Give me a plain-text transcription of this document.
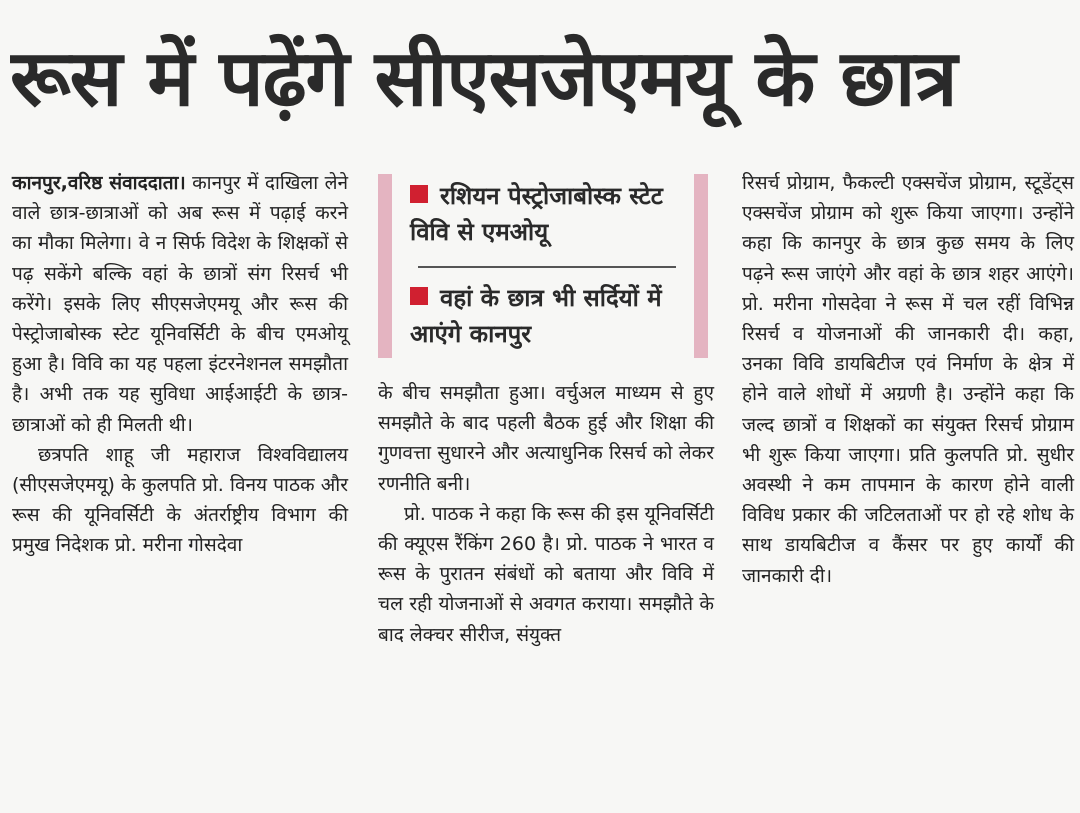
रूस में पढ़ेंगे सीएसजेएमयू के छात्र

कानपुर,वरिष्ठ संवाददाता। कानपुर में दाखिला लेने वाले छात्र-छात्राओं को अब रूस में पढ़ाई करने का मौका मिलेगा। वे न सिर्फ विदेश के शिक्षकों से पढ़ सकेंगे बल्कि वहां के छात्रों संग रिसर्च भी करेंगे। इसके लिए सीएसजेएमयू और रूस की पेस्ट्रोजाबोस्क स्टेट यूनिवर्सिटी के बीच एमओयू हुआ है। विवि का यह पहला इंटरनेशनल समझौता है। अभी तक यह सुविधा आईआईटी के छात्र-छात्राओं को ही मिलती थी।

छत्रपति शाहू जी महाराज विश्वविद्यालय (सीएसजेएमयू) के कुलपति प्रो. विनय पाठक और रूस की यूनिवर्सिटी के अंतर्राष्ट्रीय विभाग की प्रमुख निदेशक प्रो. मरीना गोसदेवा

रशियन पेस्ट्रोजाबोस्क स्टेट विवि से एमओयू
वहां के छात्र भी सर्दियों में आएंगे कानपुर

के बीच समझौता हुआ। वर्चुअल माध्यम से हुए समझौते के बाद पहली बैठक हुई और शिक्षा की गुणवत्ता सुधारने और अत्याधुनिक रिसर्च को लेकर रणनीति बनी।

प्रो. पाठक ने कहा कि रूस की इस यूनिवर्सिटी की क्यूएस रैंकिंग 260 है। प्रो. पाठक ने भारत व रूस के पुरातन संबंधों को बताया और विवि में चल रही योजनाओं से अवगत कराया। समझौते के बाद लेक्चर सीरीज, संयुक्त

रिसर्च प्रोग्राम, फैकल्टी एक्सचेंज प्रोग्राम, स्टूडेंट्स एक्सचेंज प्रोग्राम को शुरू किया जाएगा। उन्होंने कहा कि कानपुर के छात्र कुछ समय के लिए पढ़ने रूस जाएंगे और वहां के छात्र शहर आएंगे। प्रो. मरीना गोसदेवा ने रूस में चल रहीं विभिन्न रिसर्च व योजनाओं की जानकारी दी। कहा, उनका विवि डायबिटीज एवं निर्माण के क्षेत्र में होने वाले शोधों में अग्रणी है। उन्होंने कहा कि जल्द छात्रों व शिक्षकों का संयुक्त रिसर्च प्रोग्राम भी शुरू किया जाएगा। प्रति कुलपति प्रो. सुधीर अवस्थी ने कम तापमान के कारण होने वाली विविध प्रकार की जटिलताओं पर हो रहे शोध के साथ डायबिटीज व कैंसर पर हुए कार्यों की जानकारी दी।
